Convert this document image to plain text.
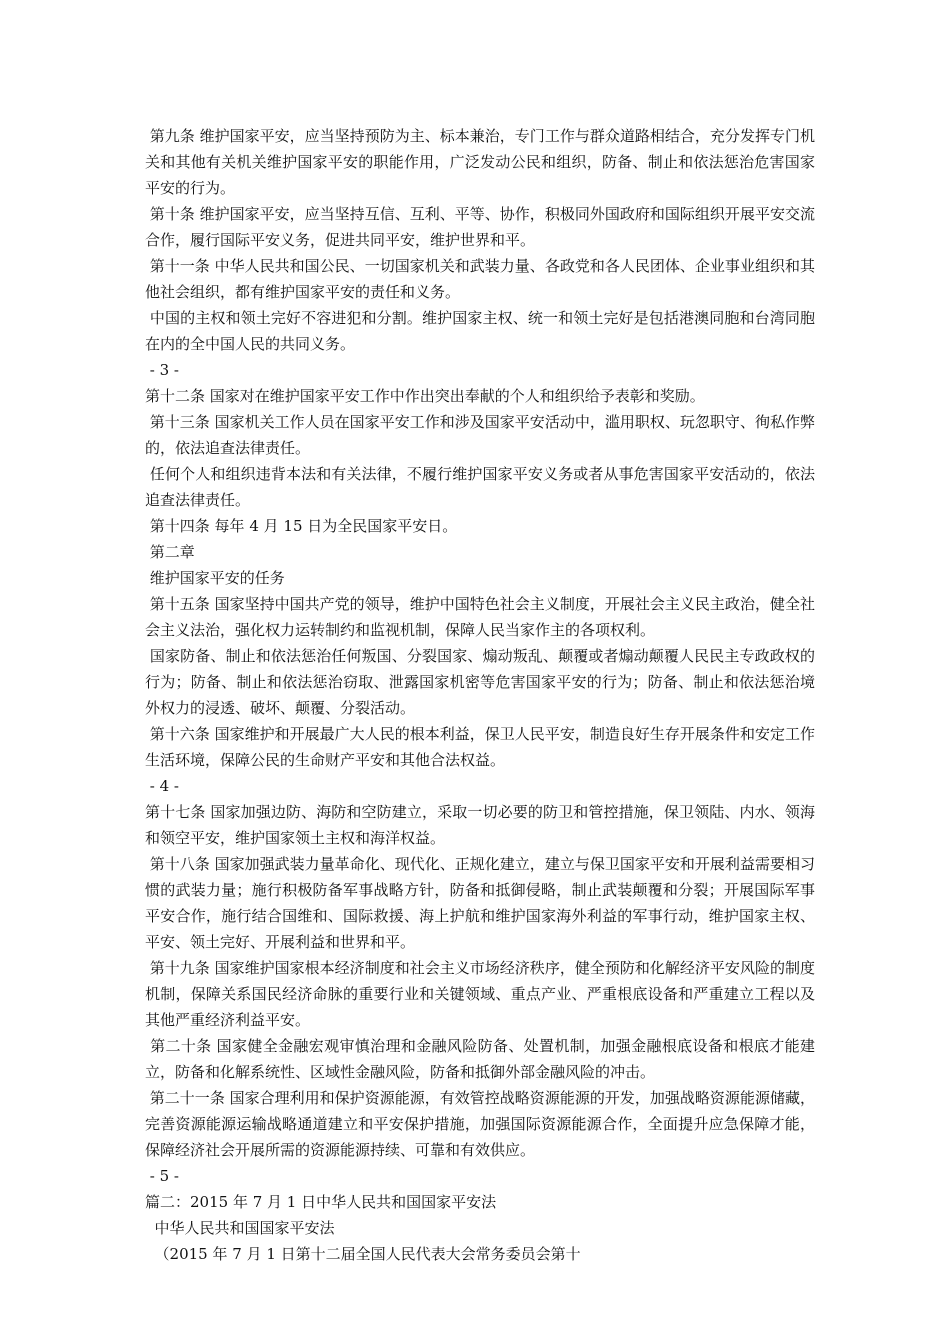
第九条 维护国家平安，应当坚持预防为主、标本兼治，专门工作与群众道路相结合，充分发挥专门机关和其他有关机关维护国家平安的职能作用，广泛发动公民和组织，防备、制止和依法惩治危害国家平安的行为。

第十条 维护国家平安，应当坚持互信、互利、平等、协作，积极同外国政府和国际组织开展平安交流合作，履行国际平安义务，促进共同平安，维护世界和平。

第十一条 中华人民共和国公民、一切国家机关和武装力量、各政党和各人民团体、企业事业组织和其他社会组织，都有维护国家平安的责任和义务。

中国的主权和领土完好不容进犯和分割。维护国家主权、统一和领土完好是包括港澳同胞和台湾同胞在内的全中国人民的共同义务。

- 3 -

第十二条 国家对在维护国家平安工作中作出突出奉献的个人和组织给予表彰和奖励。

第十三条 国家机关工作人员在国家平安工作和涉及国家平安活动中，滥用职权、玩忽职守、徇私作弊的，依法追查法律责任。

任何个人和组织违背本法和有关法律，不履行维护国家平安义务或者从事危害国家平安活动的，依法追查法律责任。

第十四条 每年 4 月 15 日为全民国家平安日。

第二章

维护国家平安的任务

第十五条 国家坚持中国共产党的领导，维护中国特色社会主义制度，开展社会主义民主政治，健全社会主义法治，强化权力运转制约和监视机制，保障人民当家作主的各项权利。

国家防备、制止和依法惩治任何叛国、分裂国家、煽动叛乱、颠覆或者煽动颠覆人民民主专政政权的行为；防备、制止和依法惩治窃取、泄露国家机密等危害国家平安的行为；防备、制止和依法惩治境外权力的浸透、破坏、颠覆、分裂活动。

第十六条 国家维护和开展最广大人民的根本利益，保卫人民平安，制造良好生存开展条件和安定工作生活环境，保障公民的生命财产平安和其他合法权益。

- 4 -

第十七条 国家加强边防、海防和空防建立，采取一切必要的防卫和管控措施，保卫领陆、内水、领海和领空平安，维护国家领土主权和海洋权益。

第十八条 国家加强武装力量革命化、现代化、正规化建立，建立与保卫国家平安和开展利益需要相习惯的武装力量；施行积极防备军事战略方针，防备和抵御侵略，制止武装颠覆和分裂；开展国际军事平安合作，施行结合国维和、国际救援、海上护航和维护国家海外利益的军事行动，维护国家主权、平安、领土完好、开展利益和世界和平。

第十九条 国家维护国家根本经济制度和社会主义市场经济秩序，健全预防和化解经济平安风险的制度机制，保障关系国民经济命脉的重要行业和关键领域、重点产业、严重根底设备和严重建立工程以及其他严重经济利益平安。

第二十条 国家健全金融宏观审慎治理和金融风险防备、处置机制，加强金融根底设备和根底才能建立，防备和化解系统性、区域性金融风险，防备和抵御外部金融风险的冲击。

第二十一条 国家合理利用和保护资源能源，有效管控战略资源能源的开发，加强战略资源能源储藏，完善资源能源运输战略通道建立和平安保护措施，加强国际资源能源合作，全面提升应急保障才能，保障经济社会开展所需的资源能源持续、可靠和有效供应。

- 5 -

篇二：2015 年 7 月 1 日中华人民共和国国家平安法

中华人民共和国国家平安法

（2015 年 7 月 1 日第十二届全国人民代表大会常务委员会第十
